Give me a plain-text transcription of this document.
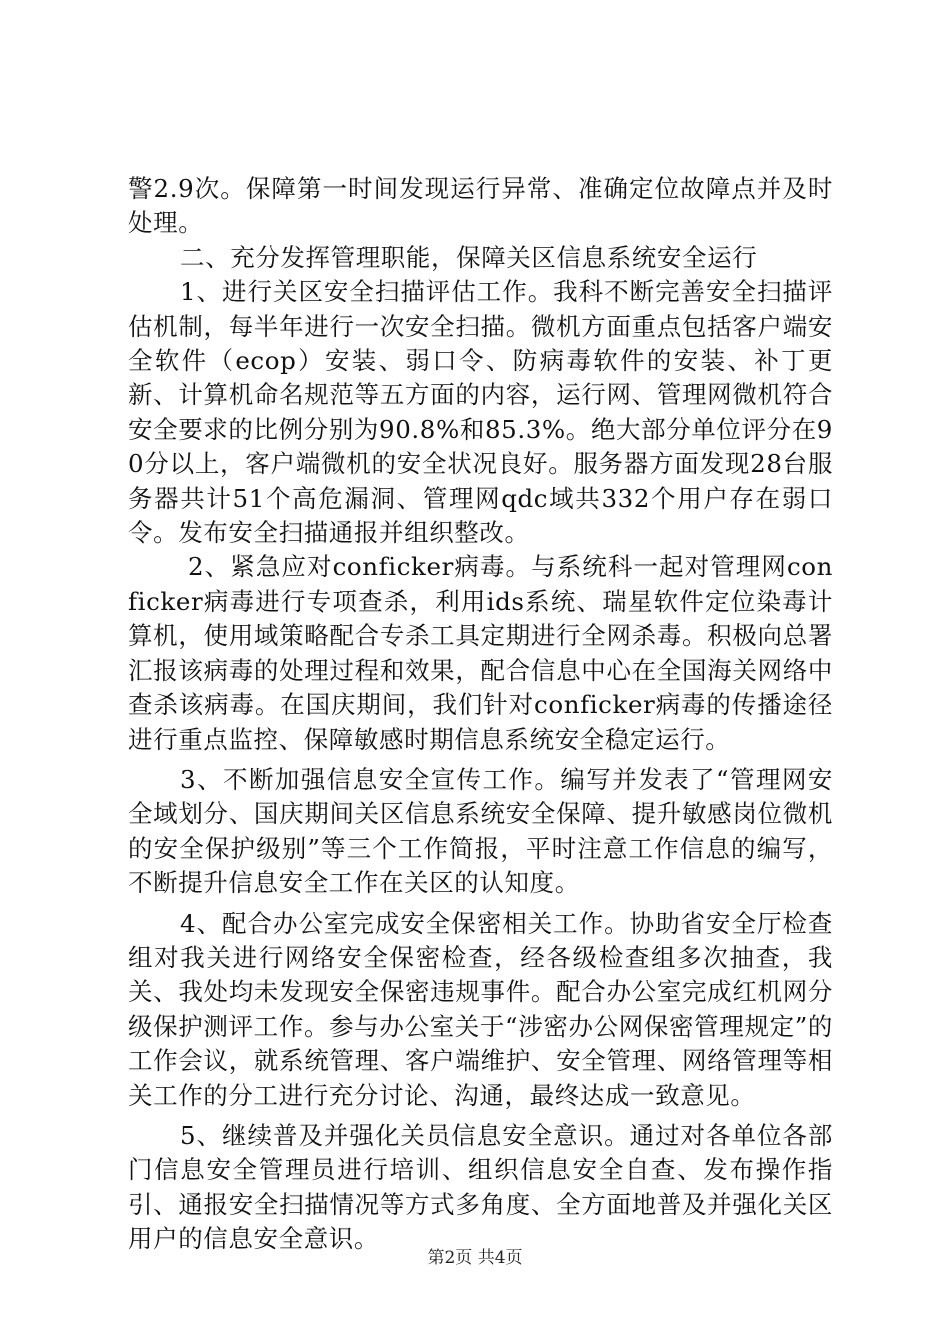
警2.9次。保障第一时间发现运行异常、准确定位故障点并及时处理。

二、充分发挥管理职能，保障关区信息系统安全运行

1、进行关区安全扫描评估工作。我科不断完善安全扫描评估机制，每半年进行一次安全扫描。微机方面重点包括客户端安全软件（ecop）安装、弱口令、防病毒软件的安装、补丁更新、计算机命名规范等五方面的内容，运行网、管理网微机符合安全要求的比例分别为90.8%和85.3%。绝大部分单位评分在90分以上，客户端微机的安全状况良好。服务器方面发现28台服务器共计51个高危漏洞、管理网qdc域共332个用户存在弱口令。发布安全扫描通报并组织整改。

2、紧急应对conficker病毒。与系统科一起对管理网conficker病毒进行专项查杀，利用ids系统、瑞星软件定位染毒计算机，使用域策略配合专杀工具定期进行全网杀毒。积极向总署汇报该病毒的处理过程和效果，配合信息中心在全国海关网络中查杀该病毒。在国庆期间，我们针对conficker病毒的传播途径进行重点监控、保障敏感时期信息系统安全稳定运行。

3、不断加强信息安全宣传工作。编写并发表了“管理网安全域划分、国庆期间关区信息系统安全保障、提升敏感岗位微机的安全保护级别”等三个工作简报，平时注意工作信息的编写，不断提升信息安全工作在关区的认知度。

4、配合办公室完成安全保密相关工作。协助省安全厅检查组对我关进行网络安全保密检查，经各级检查组多次抽查，我关、我处均未发现安全保密违规事件。配合办公室完成红机网分级保护测评工作。参与办公室关于“涉密办公网保密管理规定”的工作会议，就系统管理、客户端维护、安全管理、网络管理等相关工作的分工进行充分讨论、沟通，最终达成一致意见。

5、继续普及并强化关员信息安全意识。通过对各单位各部门信息安全管理员进行培训、组织信息安全自查、发布操作指引、通报安全扫描情况等方式多角度、全方面地普及并强化关区用户的信息安全意识。

第2页 共4页
